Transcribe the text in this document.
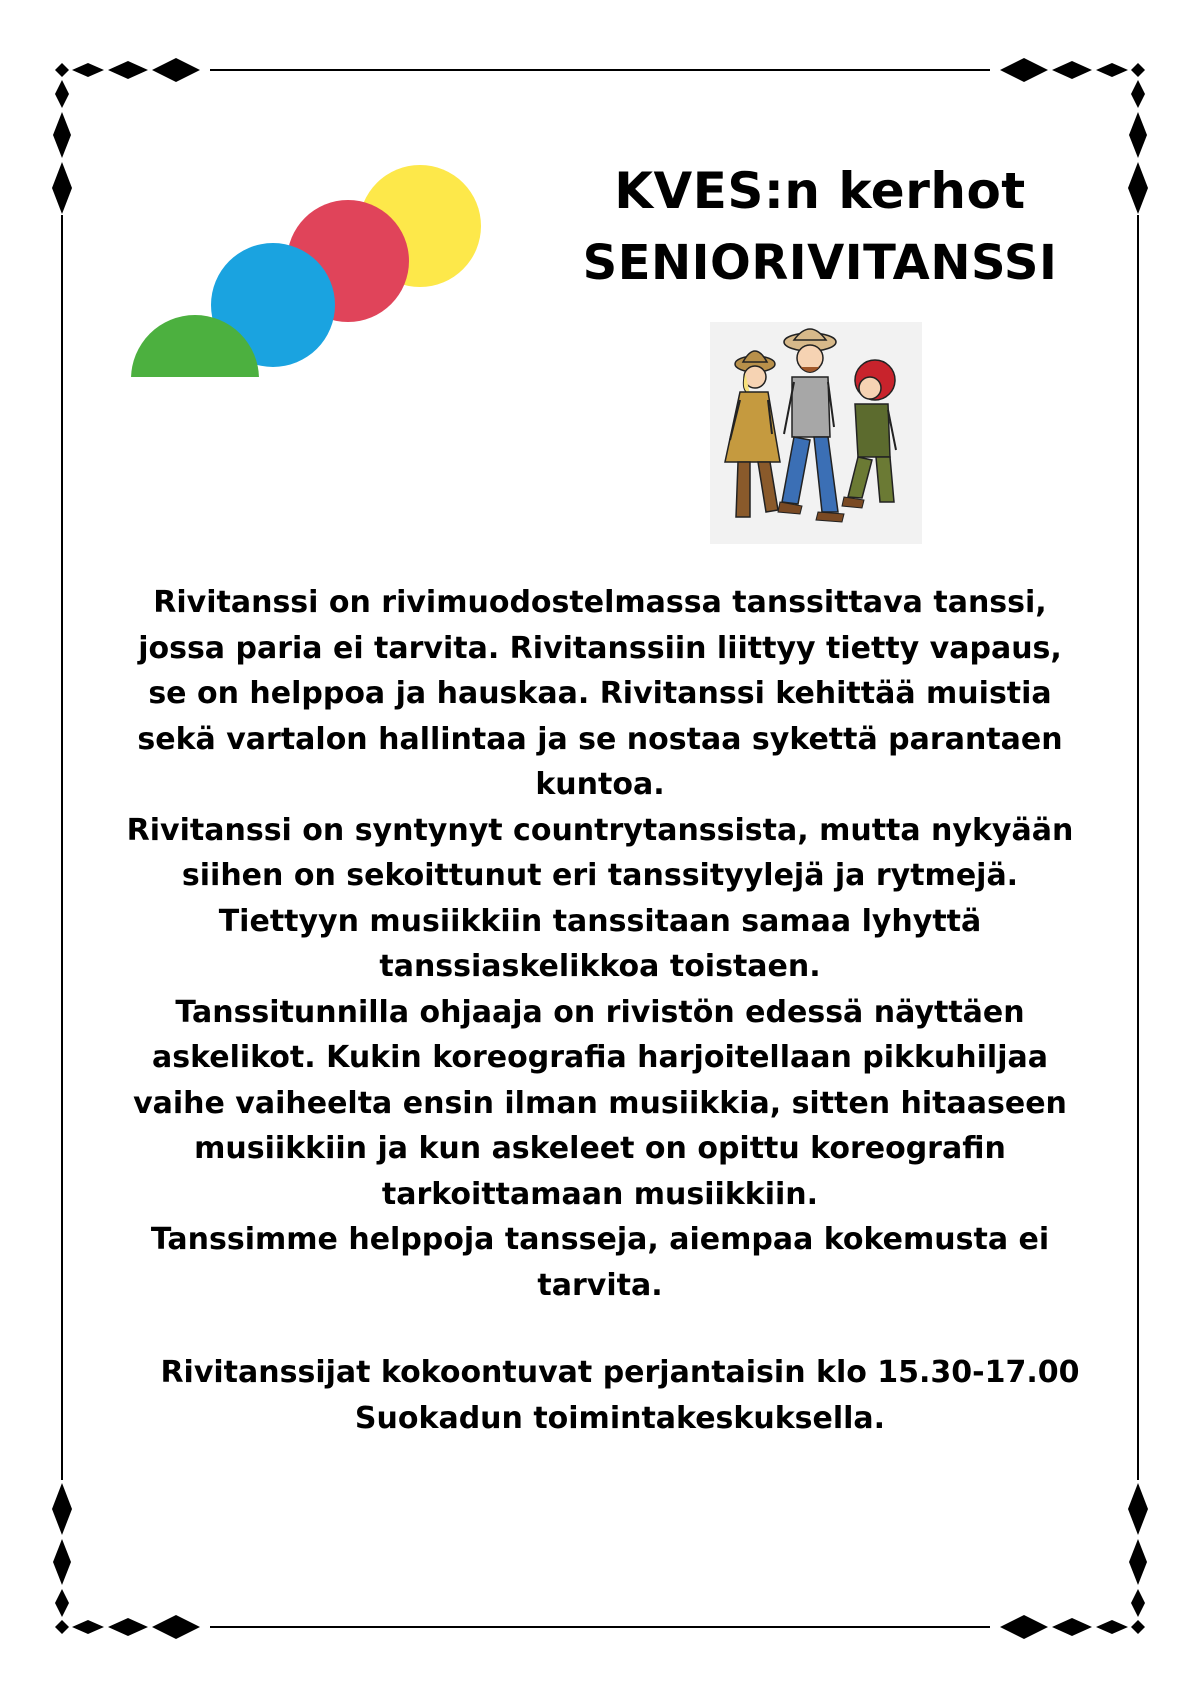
KVES:n kerhot
SENIORIVITANSSI

Rivitanssi on rivimuodostelmassa tanssittava tanssi,

jossa paria ei tarvita. Rivitanssiin liittyy tietty vapaus,

se on helppoa ja hauskaa. Rivitanssi kehittää muistia

sekä vartalon hallintaa ja se nostaa sykettä parantaen

kuntoa.

Rivitanssi on syntynyt countrytanssista, mutta nykyään

siihen on sekoittunut eri tanssityylejä ja rytmejä.

Tiettyyn musiikkiin tanssitaan samaa lyhyttä

tanssiaskelikkoa toistaen.

Tanssitunnilla ohjaaja on rivistön edessä näyttäen

askelikot. Kukin koreografia harjoitellaan pikkuhiljaa

vaihe vaiheelta ensin ilman musiikkia, sitten hitaaseen

musiikkiin ja kun askeleet on opittu koreografin

tarkoittamaan musiikkiin.

Tanssimme helppoja tansseja, aiempaa kokemusta ei

tarvita.

Rivitanssijat kokoontuvat perjantaisin klo 15.30-17.00

Suokadun toimintakeskuksella.
